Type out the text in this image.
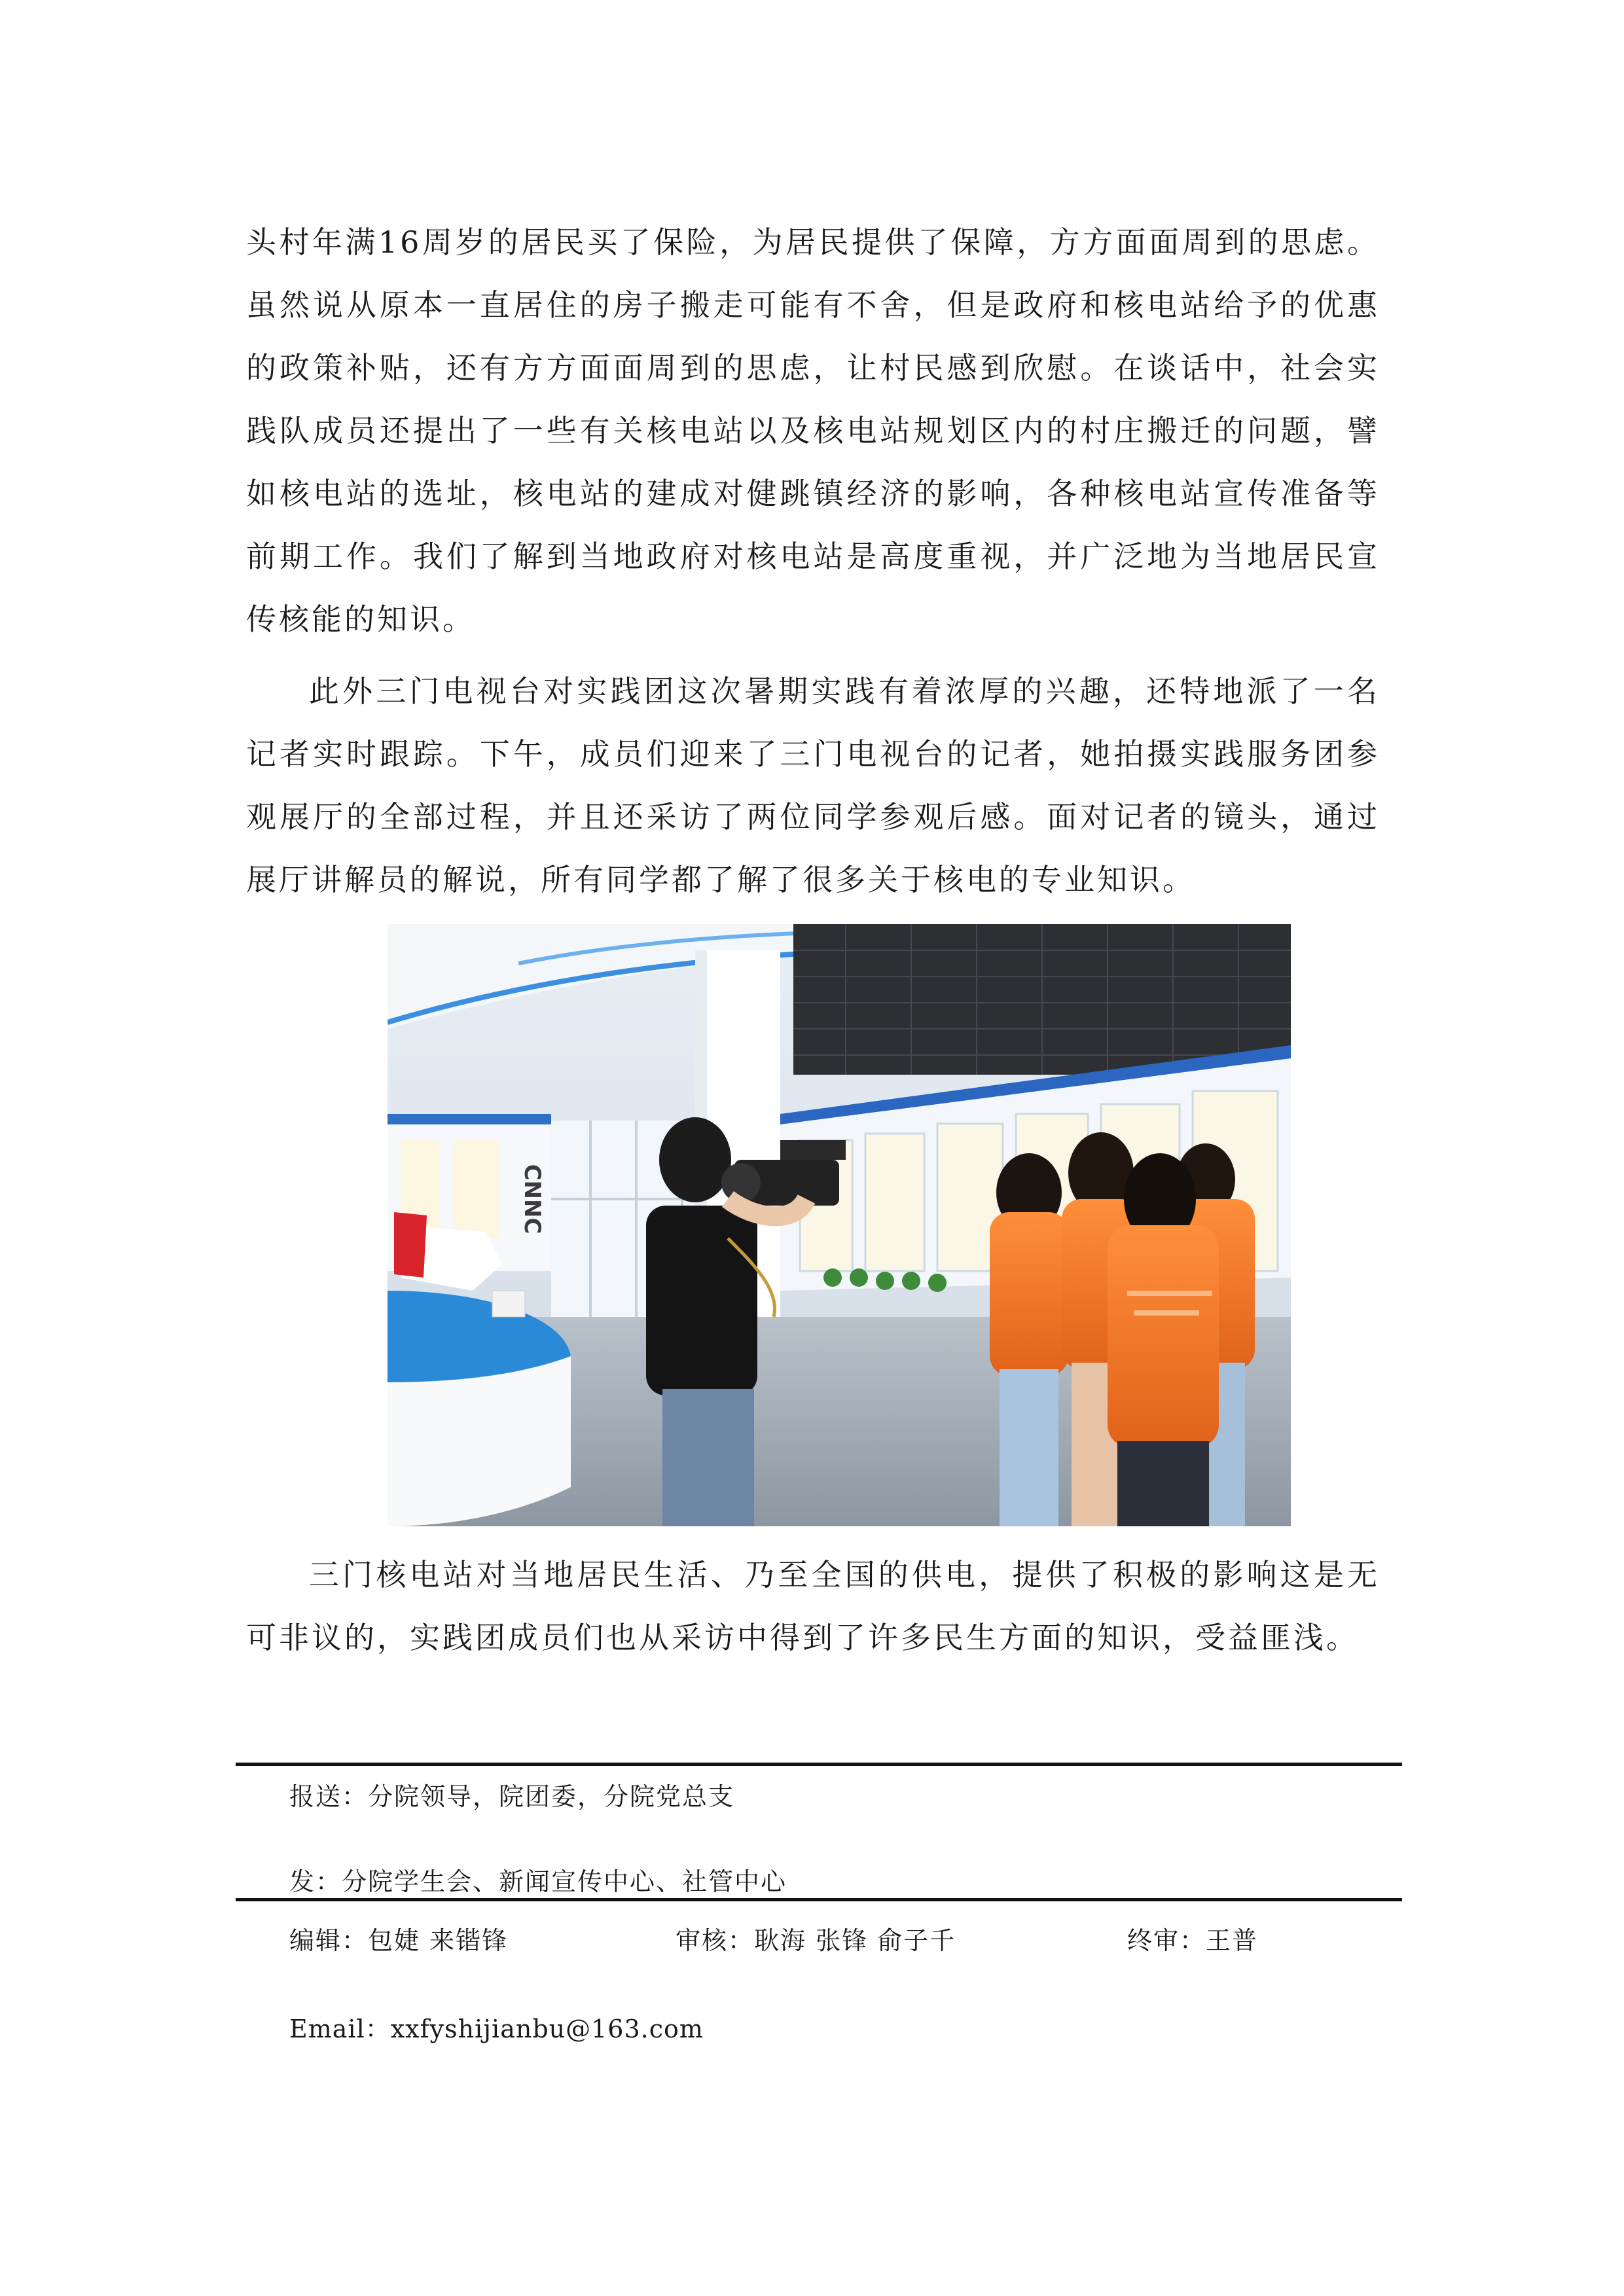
头村年满16周岁的居民买了保险，为居民提供了保障，方方面面周到的思虑。虽然说从原本一直居住的房子搬走可能有不舍，但是政府和核电站给予的优惠的政策补贴，还有方方面面周到的思虑，让村民感到欣慰。在谈话中，社会实践队成员还提出了一些有关核电站以及核电站规划区内的村庄搬迁的问题，譬如核电站的选址，核电站的建成对健跳镇经济的影响，各种核电站宣传准备等前期工作。我们了解到当地政府对核电站是高度重视，并广泛地为当地居民宣传核能的知识。

此外三门电视台对实践团这次暑期实践有着浓厚的兴趣，还特地派了一名记者实时跟踪。下午，成员们迎来了三门电视台的记者，她拍摄实践服务团参观展厅的全部过程，并且还采访了两位同学参观后感。面对记者的镜头，通过展厅讲解员的解说，所有同学都了解了很多关于核电的专业知识。

CNNC

三门核电站对当地居民生活、乃至全国的供电，提供了积极的影响这是无可非议的，实践团成员们也从采访中得到了许多民生方面的知识，受益匪浅。

报送：分院领导，院团委，分院党总支
发：分院学生会、新闻宣传中心、社管中心
编辑：包婕 来锴锋	审核：耿海 张锋 俞子千	终审：王普
Email：xxfyshijianbu@163.com
